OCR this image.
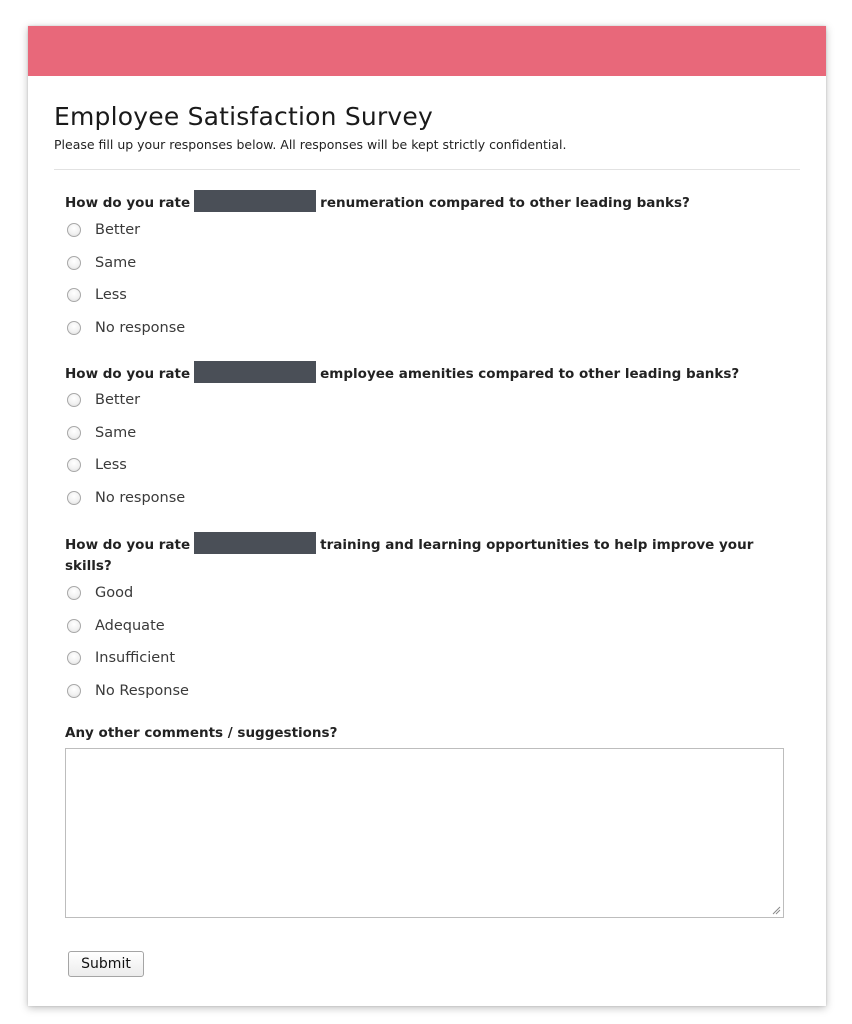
Employee Satisfaction Survey
Please fill up your responses below. All responses will be kept strictly confidential.
How do you rate	renumeration compared to other leading banks?
Better
Same
Less
No response
How do you rate	employee amenities compared to other leading banks?
Better
Same
Less
No response
How do you rate	training and learning opportunities to help improve your skills?
Good
Adequate
Insufficient
No Response
Any other comments / suggestions?
Submit
